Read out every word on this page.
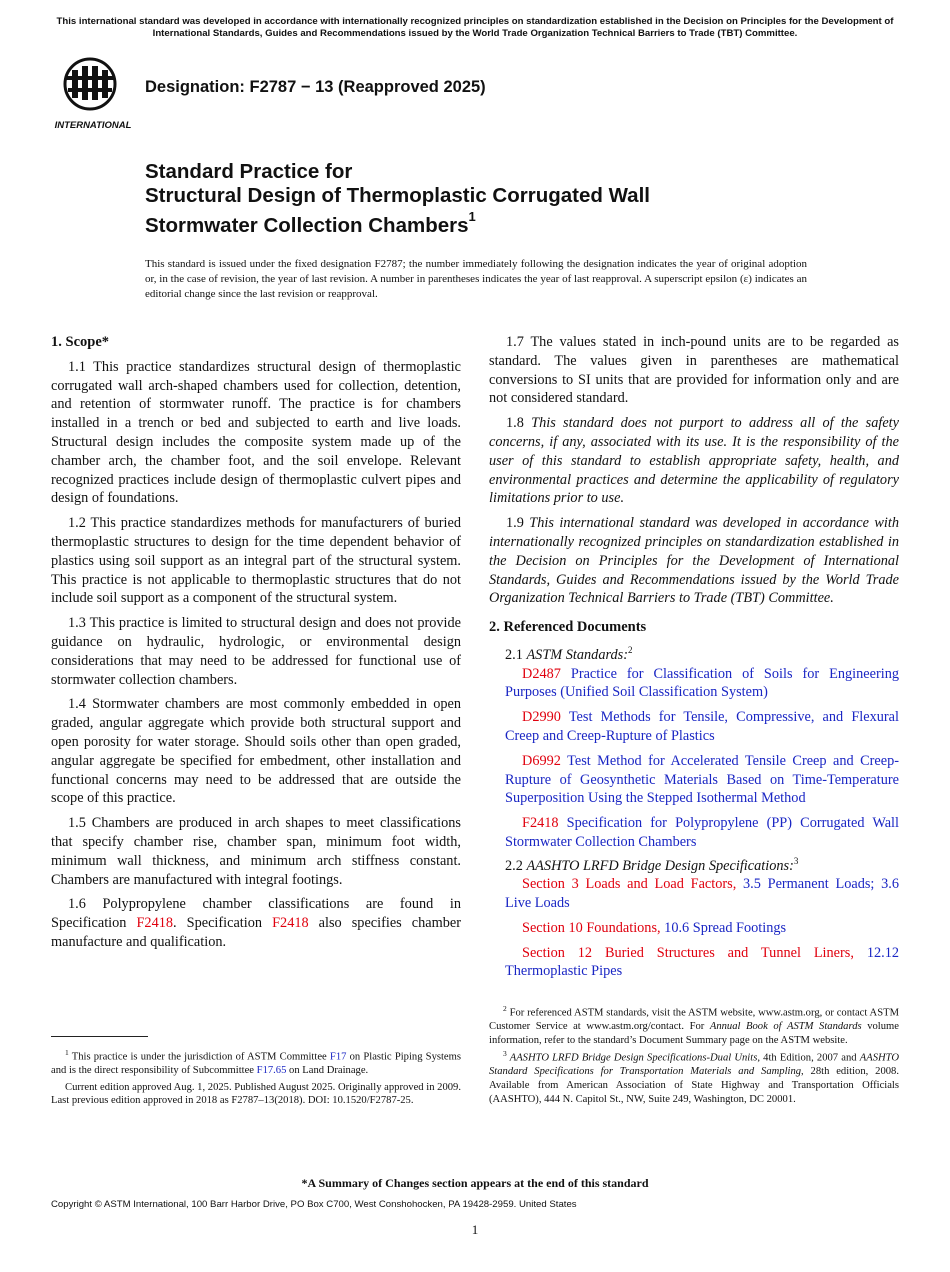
This international standard was developed in accordance with internationally recognized principles on standardization established in the Decision on Principles for the Development of International Standards, Guides and Recommendations issued by the World Trade Organization Technical Barriers to Trade (TBT) Committee.
INTERNATIONAL
Designation: F2787 − 13 (Reapproved 2025)
Standard Practice for
Structural Design of Thermoplastic Corrugated Wall
Stormwater Collection Chambers$^1$
This standard is issued under the fixed designation F2787; the number immediately following the designation indicates the year of original adoption or, in the case of revision, the year of last revision. A number in parentheses indicates the year of last reapproval. A superscript epsilon (ε) indicates an editorial change since the last revision or reapproval.

1. Scope*

1.1 This practice standardizes structural design of thermoplastic corrugated wall arch-shaped chambers used for collection, detention, and retention of stormwater runoff. The practice is for chambers installed in a trench or bed and subjected to earth and live loads. Structural design includes the composite system made up of the chamber arch, the chamber foot, and the soil envelope. Relevant recognized practices include design of thermoplastic culvert pipes and design of foundations.

1.2 This practice standardizes methods for manufacturers of buried thermoplastic structures to design for the time dependent behavior of plastics using soil support as an integral part of the structural system. This practice is not applicable to thermoplastic structures that do not include soil support as a component of the structural system.

1.3 This practice is limited to structural design and does not provide guidance on hydraulic, hydrologic, or environmental design considerations that may need to be addressed for functional use of stormwater collection chambers.

1.4 Stormwater chambers are most commonly embedded in open graded, angular aggregate which provide both structural support and open porosity for water storage. Should soils other than open graded, angular aggregate be specified for embedment, other installation and functional concerns may need to be addressed that are outside the scope of this practice.

1.5 Chambers are produced in arch shapes to meet classifications that specify chamber rise, chamber span, minimum foot width, minimum wall thickness, and minimum arch stiffness constant. Chambers are manufactured with integral footings.

1.6 Polypropylene chamber classifications are found in Specification F2418. Specification F2418 also specifies chamber manufacture and qualification.

1.7 The values stated in inch-pound units are to be regarded as standard. The values given in parentheses are mathematical conversions to SI units that are provided for information only and are not considered standard.

1.8 This standard does not purport to address all of the safety concerns, if any, associated with its use. It is the responsibility of the user of this standard to establish appropriate safety, health, and environmental practices and determine the applicability of regulatory limitations prior to use.

1.9 This international standard was developed in accordance with internationally recognized principles on standardization established in the Decision on Principles for the Development of International Standards, Guides and Recommendations issued by the World Trade Organization Technical Barriers to Trade (TBT) Committee.

2. Referenced Documents

2.1 ASTM Standards:$^2$

D2487 Practice for Classification of Soils for Engineering Purposes (Unified Soil Classification System)

D2990 Test Methods for Tensile, Compressive, and Flexural Creep and Creep-Rupture of Plastics

D6992 Test Method for Accelerated Tensile Creep and Creep-Rupture of Geosynthetic Materials Based on Time-Temperature Superposition Using the Stepped Isothermal Method

F2418 Specification for Polypropylene (PP) Corrugated Wall Stormwater Collection Chambers

2.2 AASHTO LRFD Bridge Design Specifications:$^3$

Section 3 Loads and Load Factors, 3.5 Permanent Loads; 3.6 Live Loads

Section 10 Foundations, 10.6 Spread Footings

Section 12 Buried Structures and Tunnel Liners, 12.12 Thermoplastic Pipes

$^1$ This practice is under the jurisdiction of ASTM Committee F17 on Plastic Piping Systems and is the direct responsibility of Subcommittee F17.65 on Land Drainage.

Current edition approved Aug. 1, 2025. Published August 2025. Originally approved in 2009. Last previous edition approved in 2018 as F2787–13(2018). DOI: 10.1520/F2787-25.

$^2$ For referenced ASTM standards, visit the ASTM website, www.astm.org, or contact ASTM Customer Service at www.astm.org/contact. For Annual Book of ASTM Standards volume information, refer to the standard’s Document Summary page on the ASTM website.

$^3$ AASHTO LRFD Bridge Design Specifications-Dual Units, 4th Edition, 2007 and AASHTO Standard Specifications for Transportation Materials and Sampling, 28th edition, 2008. Available from American Association of State Highway and Transportation Officials (AASHTO), 444 N. Capitol St., NW, Suite 249, Washington, DC 20001.

*A Summary of Changes section appears at the end of this standard
Copyright © ASTM International, 100 Barr Harbor Drive, PO Box C700, West Conshohocken, PA 19428-2959. United States
1
